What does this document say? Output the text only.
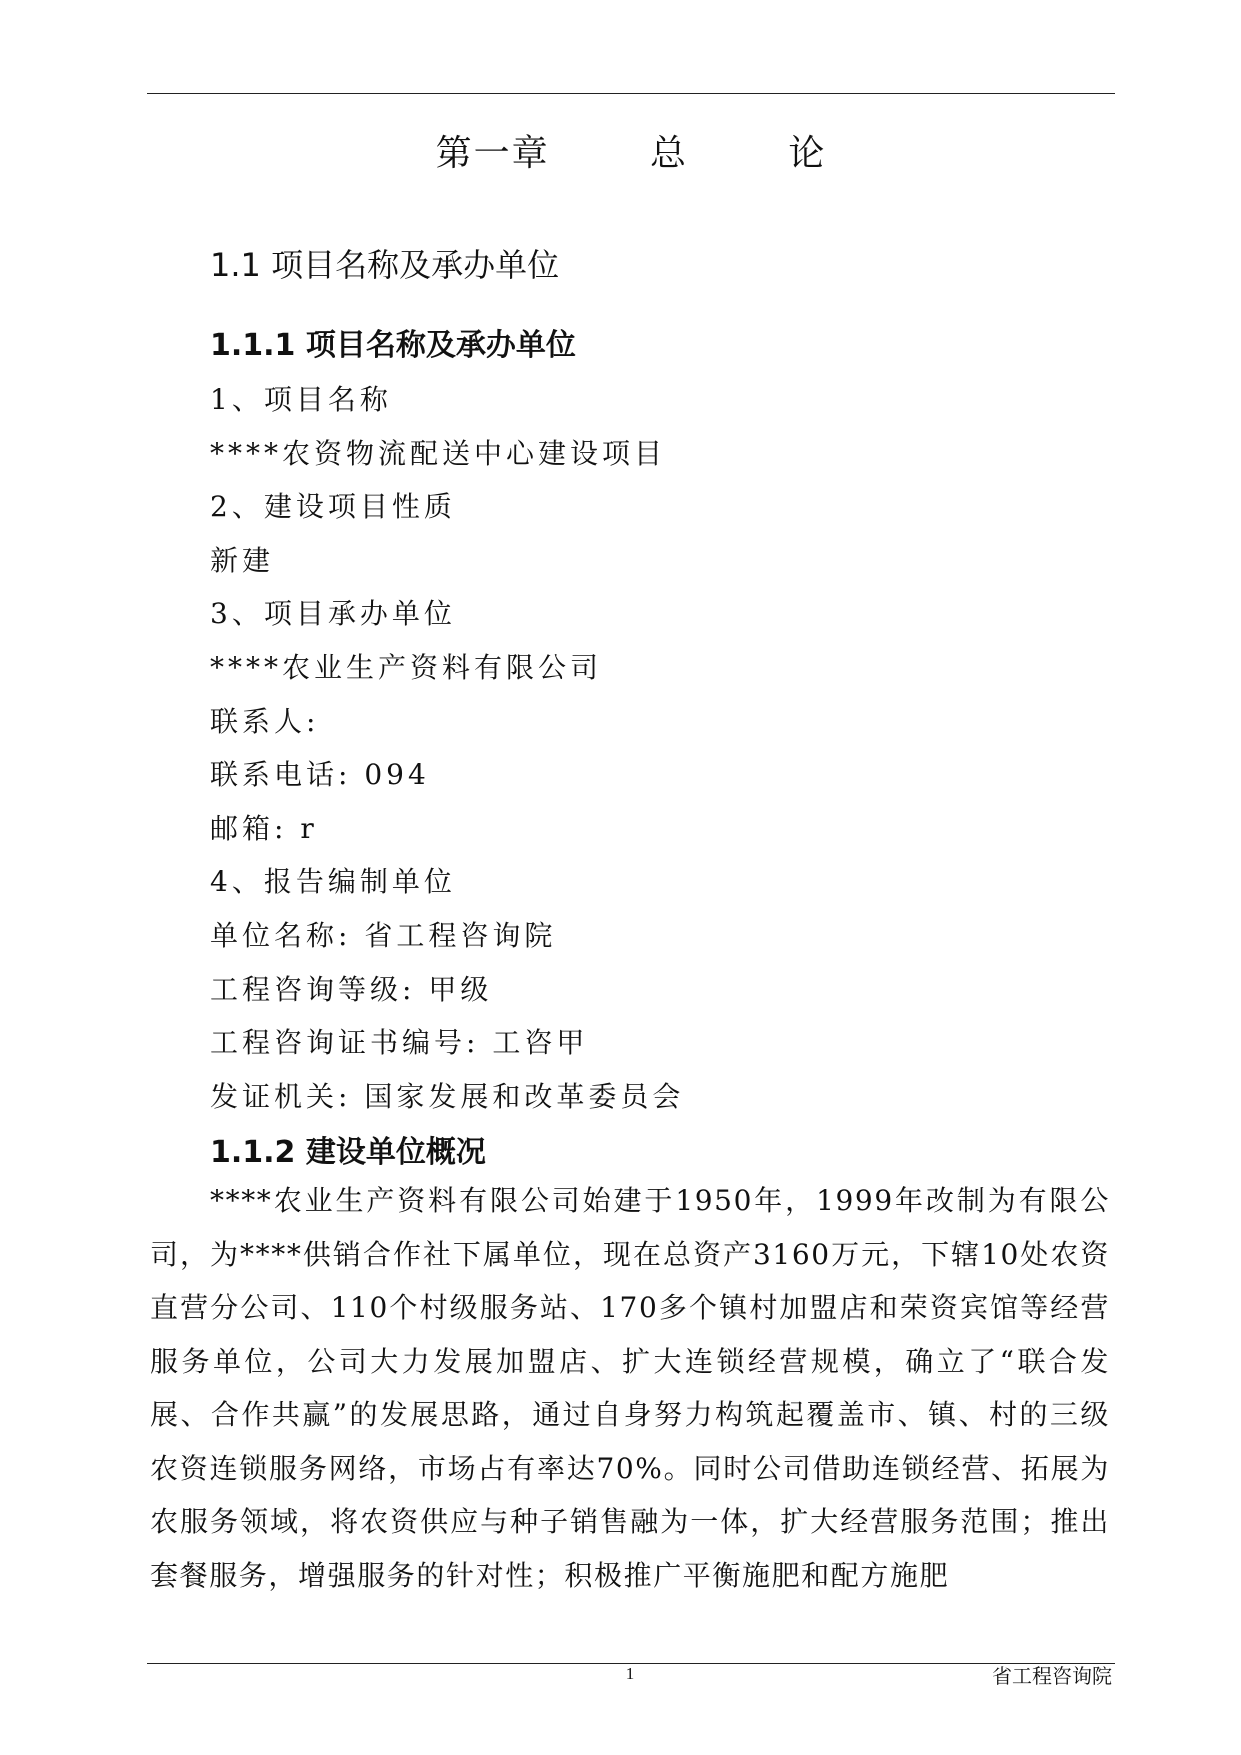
第一章   总   论
1.1 项目名称及承办单位
1.1.1 项目名称及承办单位
1、项目名称
****农资物流配送中心建设项目
2、建设项目性质
新建
3、项目承办单位
****农业生产资料有限公司
联系人:
联系电话: 094
邮箱: r
4、报告编制单位
单位名称: 省工程咨询院
工程咨询等级: 甲级
工程咨询证书编号: 工咨甲
发证机关: 国家发展和改革委员会
1.1.2 建设单位概况

****农业生产资料有限公司始建于1950年，1999年改制为有限公司，为****供销合作社下属单位，现在总资产3160万元，下辖10处农资直营分公司、110个村级服务站、170多个镇村加盟店和荣资宾馆等经营服务单位，公司大力发展加盟店、扩大连锁经营规模，确立了“联合发展、合作共赢”的发展思路，通过自身努力构筑起覆盖市、镇、村的三级农资连锁服务网络，市场占有率达70%。同时公司借助连锁经营、拓展为农服务领域，将农资供应与种子销售融为一体，扩大经营服务范围；推出套餐服务，增强服务的针对性；积极推广平衡施肥和配方施肥

1	省工程咨询院
